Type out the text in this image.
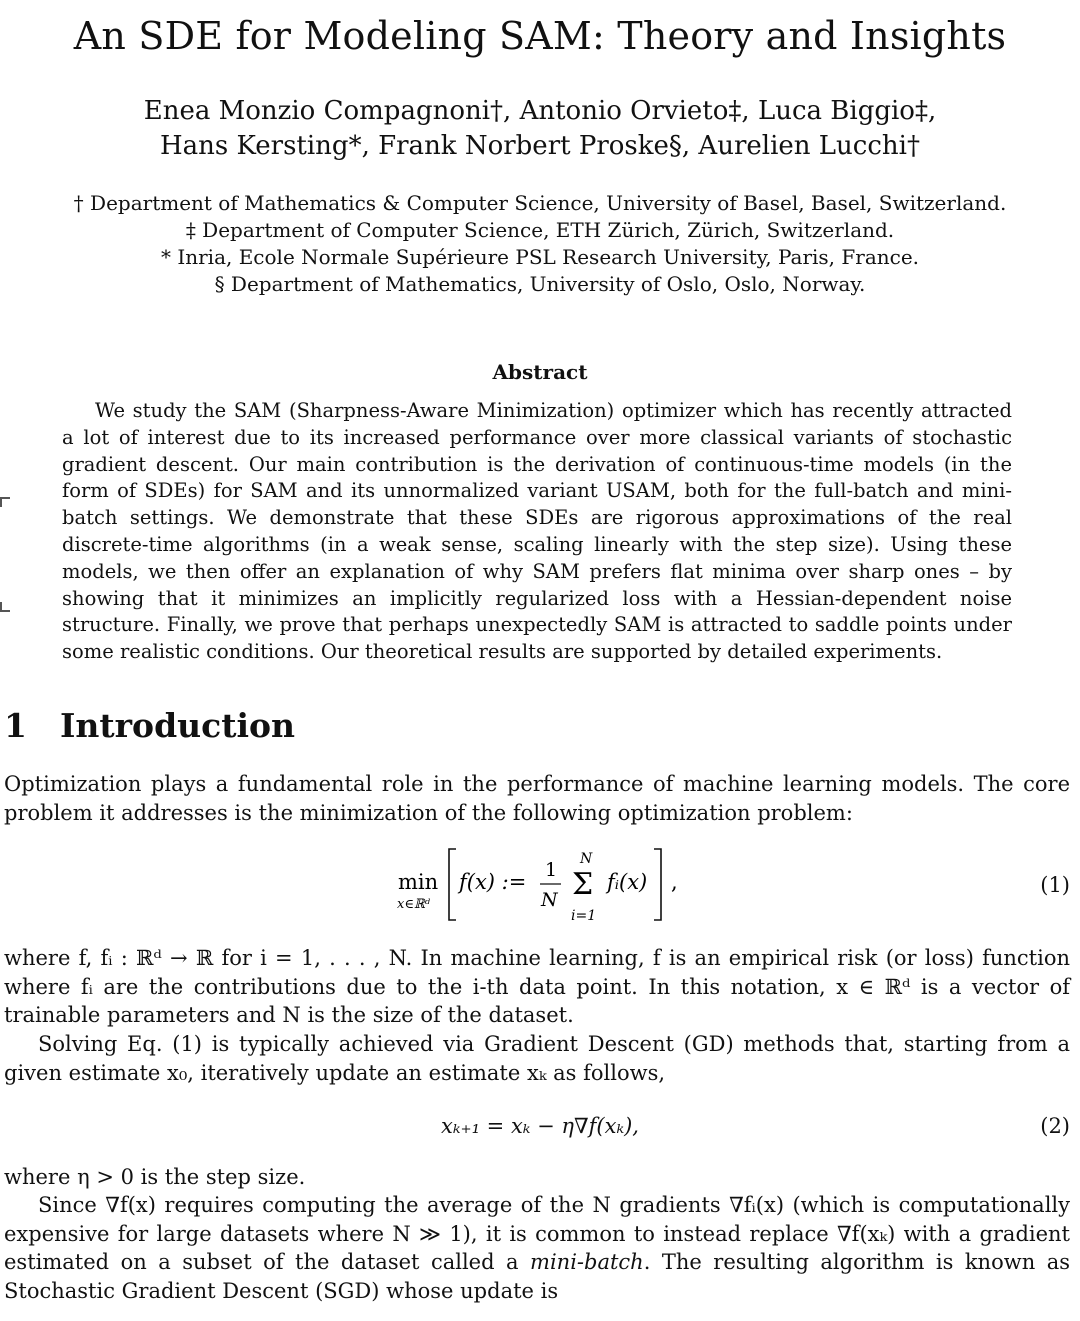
An SDE for Modeling SAM: Theory and Insights
Enea Monzio Compagnoni†, Antonio Orvieto‡, Luca Biggio‡,
Hans Kersting*, Frank Norbert Proske§, Aurelien Lucchi†
† Department of Mathematics & Computer Science, University of Basel, Basel, Switzerland.
‡ Department of Computer Science, ETH Zürich, Zürich, Switzerland.
* Inria, Ecole Normale Supérieure PSL Research University, Paris, France.
§ Department of Mathematics, University of Oslo, Oslo, Norway.
Abstract
We study the SAM (Sharpness-Aware Minimization) optimizer which has recently attracted a lot of interest due to its increased performance over more classical variants of stochastic gradient descent. Our main contribution is the derivation of continuous-time models (in the form of SDEs) for SAM and its unnormalized variant USAM, both for the full-batch and mini-batch settings. We demonstrate that these SDEs are rigorous approximations of the real discrete-time algorithms (in a weak sense, scaling linearly with the step size). Using these models, we then offer an explanation of why SAM prefers flat minima over sharp ones – by showing that it minimizes an implicitly regularized loss with a Hessian-dependent noise structure. Finally, we prove that perhaps unexpectedly SAM is attracted to saddle points under some realistic conditions. Our theoretical results are supported by detailed experiments.
1 Introduction
Optimization plays a fundamental role in the performance of machine learning models. The core problem it addresses is the minimization of the following optimization problem:
min
x∈ℝᵈ
f(x) := 1
N
N
Σ
i=1
fᵢ(x) ,	(1)
where f, fᵢ : ℝᵈ → ℝ for i = 1, . . . , N. In machine learning, f is an empirical risk (or loss) function where fᵢ are the contributions due to the i-th data point. In this notation, x ∈ ℝᵈ is a vector of trainable parameters and N is the size of the dataset.
Solving Eq. (1) is typically achieved via Gradient Descent (GD) methods that, starting from a given estimate x₀, iteratively update an estimate xₖ as follows,
xₖ₊₁ = xₖ − η∇f(xₖ),	(2)
where η > 0 is the step size.
Since ∇f(x) requires computing the average of the N gradients ∇fᵢ(x) (which is computationally expensive for large datasets where N ≫ 1), it is common to instead replace ∇f(xₖ) with a gradient estimated on a subset of the dataset called a mini-batch. The resulting algorithm is known as Stochastic Gradient Descent (SGD) whose update is
